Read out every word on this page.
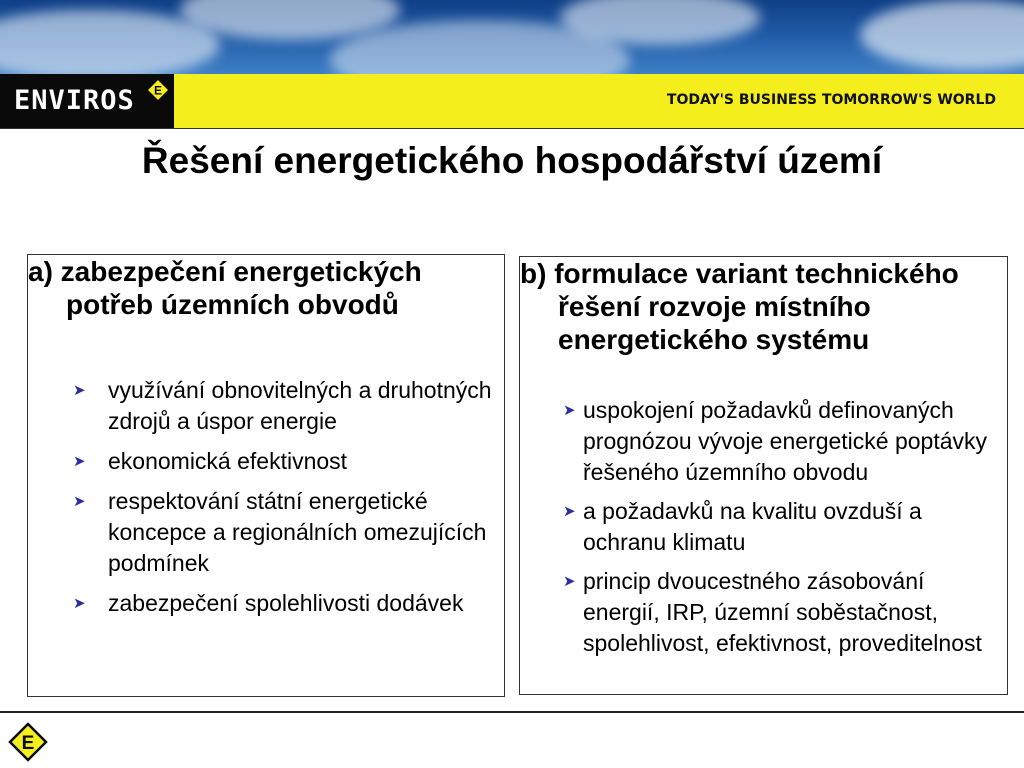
ENVIROS E
TODAY'S BUSINESS TOMORROW'S WORLD
Řešení energetického hospodářství území

a) zabezpečení energetických potřeb územních obvodů

➤ využívání obnovitelných a druhotných zdrojů a úspor energie
➤ ekonomická efektivnost
➤ respektování státní energetické koncepce a regionálních omezujících podmínek
➤ zabezpečení spolehlivosti dodávek

b) formulace variant technického řešení rozvoje místního energetického systému

➤ uspokojení požadavků definovaných prognózou vývoje energetické poptávky řešeného územního obvodu
➤ a požadavků na kvalitu ovzduší a ochranu klimatu
➤ princip dvoucestného zásobování energií, IRP, územní soběstačnost, spolehlivost, efektivnost, proveditelnost
E
